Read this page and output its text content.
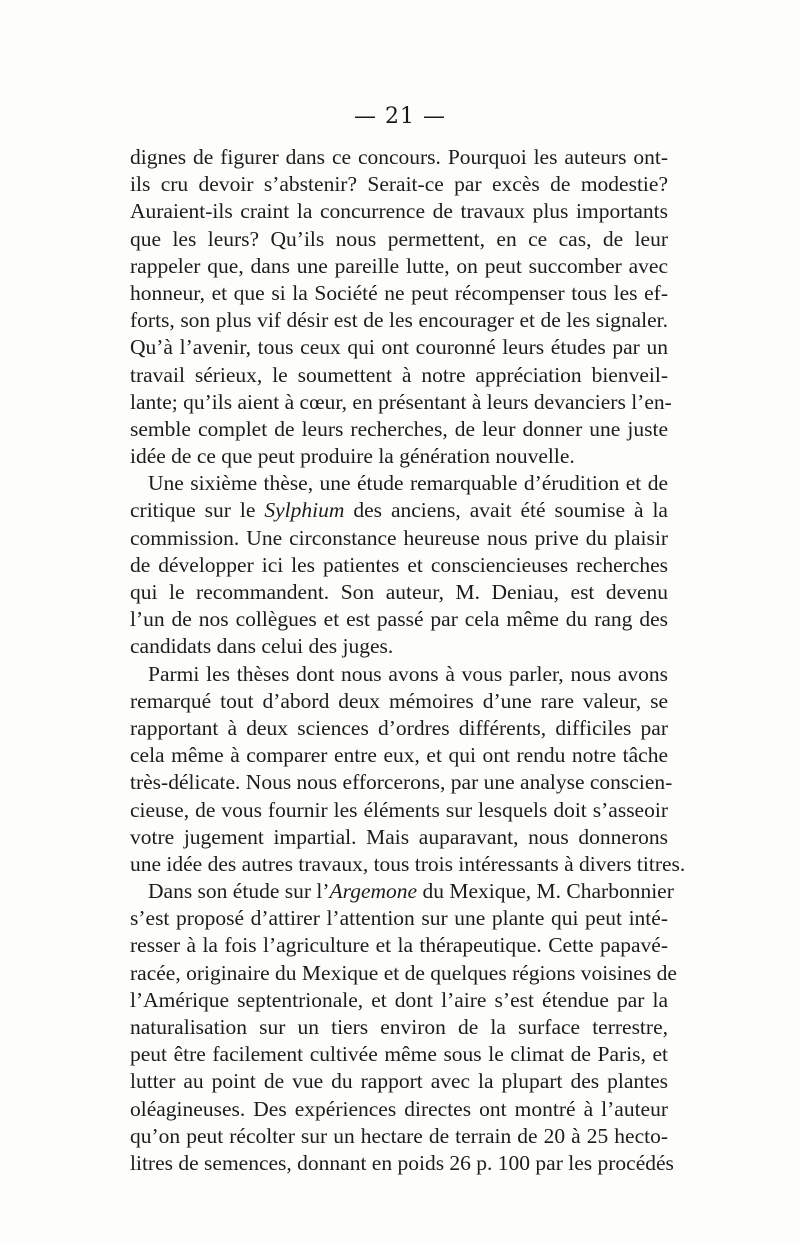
— 21 —
dignes de figurer dans ce concours. Pourquoi les auteurs ont-
ils cru devoir s’abstenir? Serait-ce par excès de modestie?
Auraient-ils craint la concurrence de travaux plus importants
que les leurs? Qu’ils nous permettent, en ce cas, de leur
rappeler que, dans une pareille lutte, on peut succomber avec
honneur, et que si la Société ne peut récompenser tous les ef-
forts, son plus vif désir est de les encourager et de les signaler.
Qu’à l’avenir, tous ceux qui ont couronné leurs études par un
travail sérieux, le soumettent à notre appréciation bienveil-
lante; qu’ils aient à cœur, en présentant à leurs devanciers l’en-
semble complet de leurs recherches, de leur donner une juste
idée de ce que peut produire la génération nouvelle.
Une sixième thèse, une étude remarquable d’érudition et de
critique sur le Sylphium des anciens, avait été soumise à la
commission. Une circonstance heureuse nous prive du plaisir
de développer ici les patientes et consciencieuses recherches
qui le recommandent. Son auteur, M. Deniau, est devenu
l’un de nos collègues et est passé par cela même du rang des
candidats dans celui des juges.
Parmi les thèses dont nous avons à vous parler, nous avons
remarqué tout d’abord deux mémoires d’une rare valeur, se
rapportant à deux sciences d’ordres différents, difficiles par
cela même à comparer entre eux, et qui ont rendu notre tâche
très-délicate. Nous nous efforcerons, par une analyse conscien-
cieuse, de vous fournir les éléments sur lesquels doit s’asseoir
votre jugement impartial. Mais auparavant, nous donnerons
une idée des autres travaux, tous trois intéressants à divers titres.
Dans son étude sur l’Argemone du Mexique, M. Charbonnier
s’est proposé d’attirer l’attention sur une plante qui peut inté-
resser à la fois l’agriculture et la thérapeutique. Cette papavé-
racée, originaire du Mexique et de quelques régions voisines de
l’Amérique septentrionale, et dont l’aire s’est étendue par la
naturalisation sur un tiers environ de la surface terrestre,
peut être facilement cultivée même sous le climat de Paris, et
lutter au point de vue du rapport avec la plupart des plantes
oléagineuses. Des expériences directes ont montré à l’auteur
qu’on peut récolter sur un hectare de terrain de 20 à 25 hecto-
litres de semences, donnant en poids 26 p. 100 par les procédés
